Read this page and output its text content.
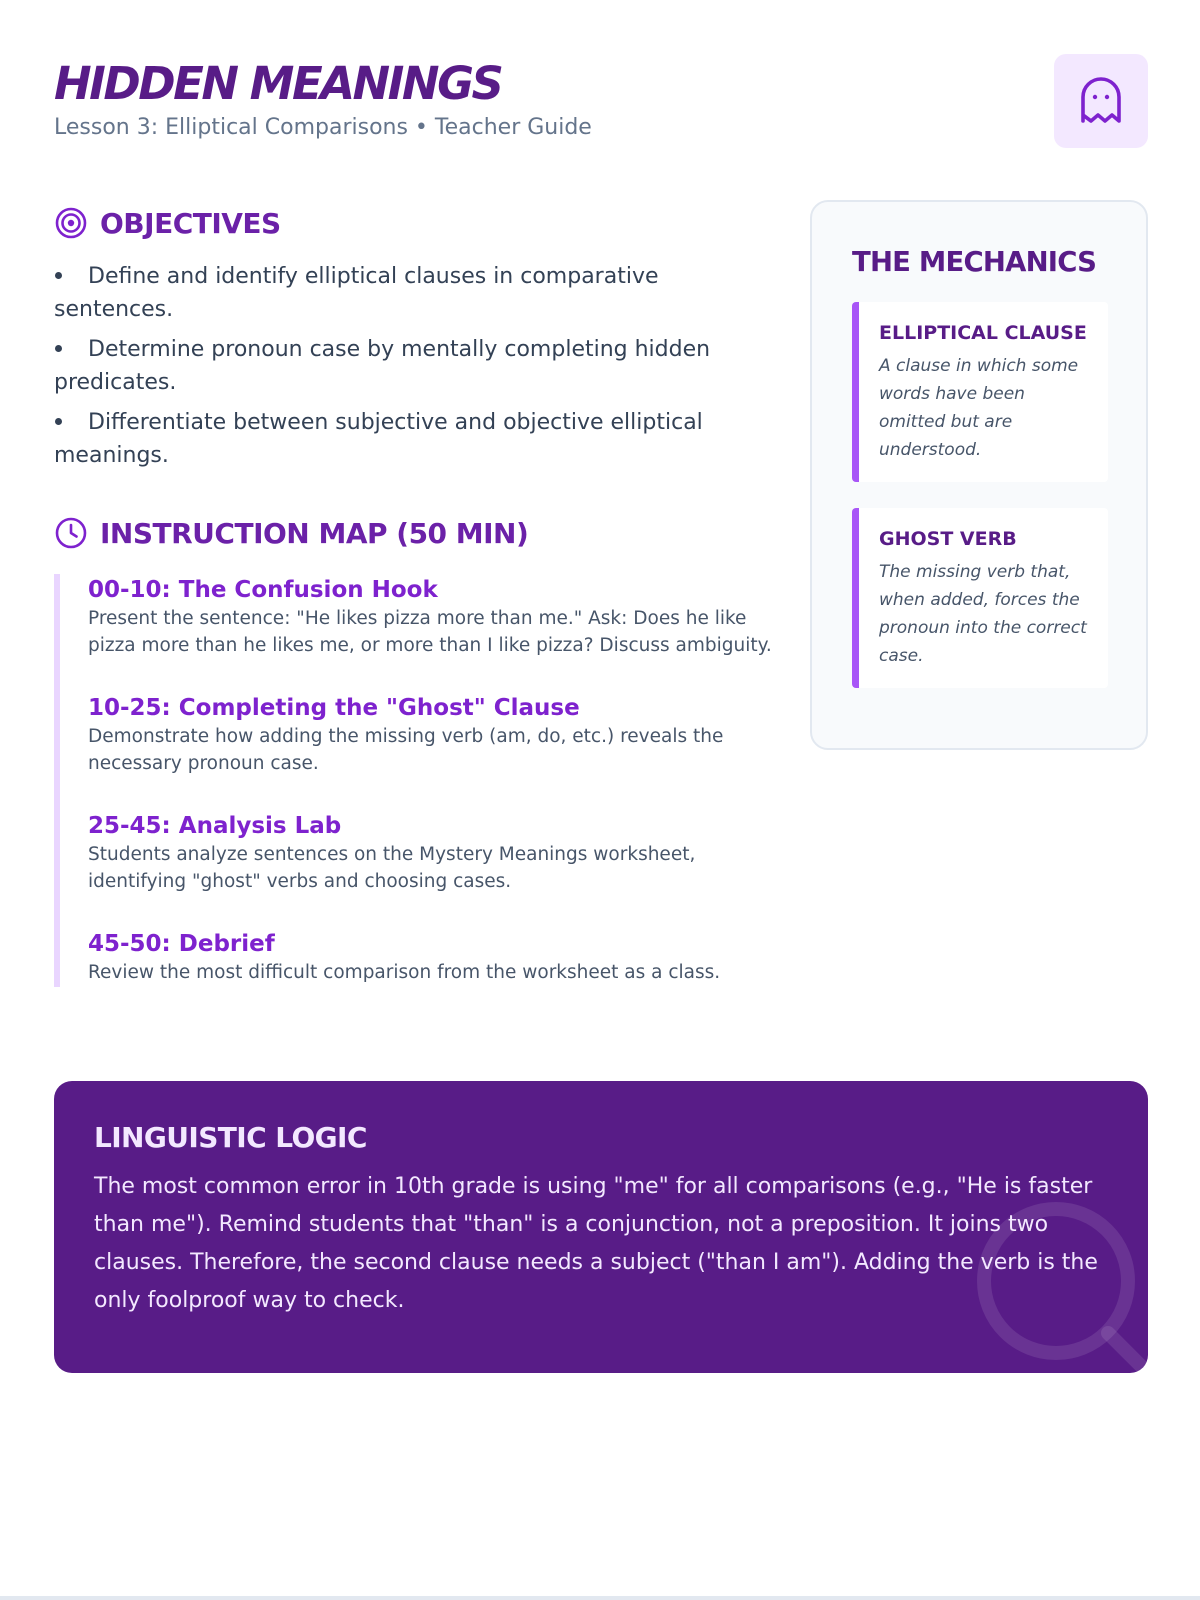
HIDDEN MEANINGS
Lesson 3: Elliptical Comparisons • Teacher Guide
OBJECTIVES
Define and identify elliptical clauses in comparative sentences.
Determine pronoun case by mentally completing hidden predicates.
Differentiate between subjective and objective elliptical meanings.
INSTRUCTION MAP (50 MIN)
00-10: The Confusion Hook
Present the sentence: "He likes pizza more than me." Ask: Does he like pizza more than he likes me, or more than I like pizza? Discuss ambiguity.
10-25: Completing the "Ghost" Clause
Demonstrate how adding the missing verb (am, do, etc.) reveals the necessary pronoun case.
25-45: Analysis Lab
Students analyze sentences on the Mystery Meanings worksheet, identifying "ghost" verbs and choosing cases.
45-50: Debrief
Review the most difficult comparison from the worksheet as a class.
THE MECHANICS
ELLIPTICAL CLAUSE
A clause in which some words have been omitted but are understood.
GHOST VERB
The missing verb that, when added, forces the pronoun into the correct case.
LINGUISTIC LOGIC

The most common error in 10th grade is using "me" for all comparisons (e.g., "He is faster than me"). Remind students that "than" is a conjunction, not a preposition. It joins two clauses. Therefore, the second clause needs a subject ("than I am"). Adding the verb is the only foolproof way to check.
